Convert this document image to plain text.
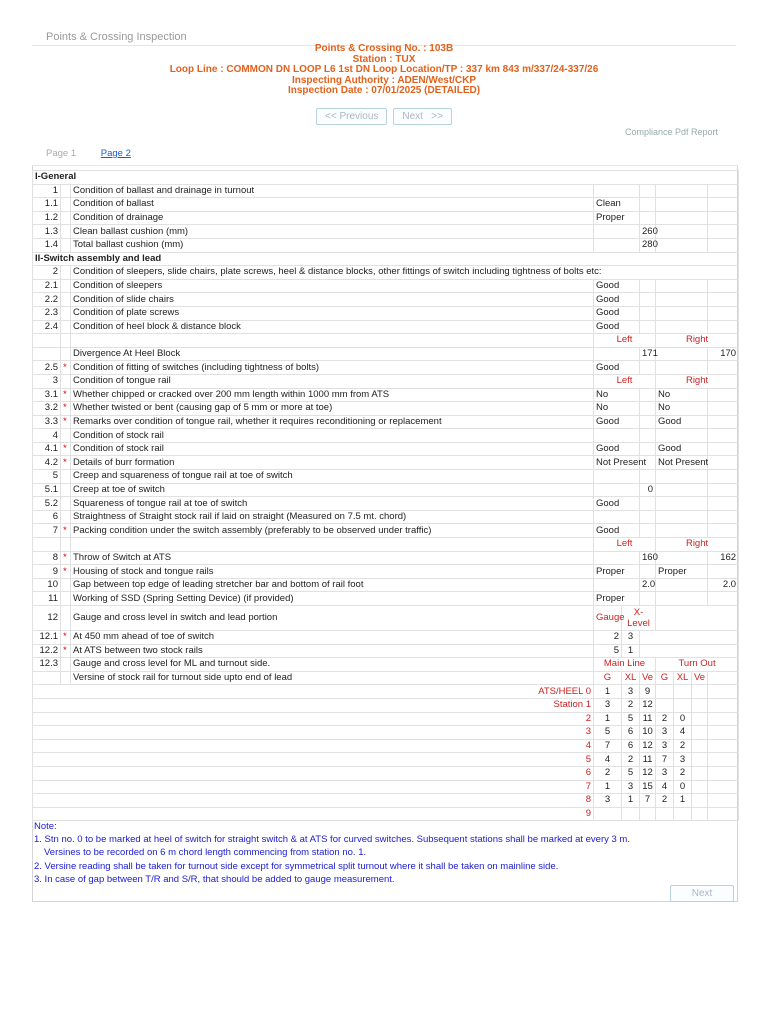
Points & Crossing Inspection
Points & Crossing No. : 103B
Station : TUX
Loop Line : COMMON DN LOOP L6 1st DN Loop Location/TP : 337 km 843 m/337/24-337/26
Inspecting Authority : ADEN/West/CKP
Inspection Date : 07/01/2025 (DETAILED)
<< Previous Next   >>
Compliance Pdf Report
Page 1	Page 2
I-General									
1		Condition of ballast and drainage in turnout							
1.1		Condition of ballast	Clean						
1.2		Condition of drainage	Proper						
1.3		Clean ballast cushion (mm)			260				
1.4		Total ballast cushion (mm)			280				
II-Switch assembly and lead									
2		Condition of sleepers, slide chairs, plate screws, heel & distance blocks, other fittings of switch including tightness of bolts etc:							
2.1		Condition of sleepers	Good						
2.2		Condition of slide chairs	Good						
2.3		Condition of plate screws	Good						
2.4		Condition of heel block & distance block	Good						
			Left			Right			
		Divergence At Heel Block			171				170
2.5	*	Condition of fitting of switches (including tightness of bolts)	Good						
3		Condition of tongue rail	Left			Right			
3.1	*	Whether chipped or cracked over 200 mm length within 1000 mm from ATS	No			No			
3.2	*	Whether twisted or bent (causing gap of 5 mm or more at toe)	No			No			
3.3	*	Remarks over condition of tongue rail, whether it requires reconditioning or replacement	Good			Good			
4		Condition of stock rail							
4.1	*	Condition of stock rail	Good			Good			
4.2	*	Details of burr formation	Not Present			Not Present			
5		Creep and squareness of tongue rail at toe of switch							
5.1		Creep at toe of switch			0				
5.2		Squareness of tongue rail at toe of switch	Good						
6		Straightness of Straight stock rail if laid on straight (Measured on 7.5 mt. chord)							
7	*	Packing condition under the switch assembly (preferably to be observed under traffic)	Good						
			Left			Right			
8	*	Throw of Switch at ATS			160				162
9	*	Housing of stock and tongue rails	Proper			Proper			
10		Gap between top edge of leading stretcher bar and bottom of rail foot			2.0				2.0
11		Working of SSD (Spring Setting Device) (if provided)	Proper						
12		Gauge and cross level in switch and lead portion	Gauge	X-
Level					

12.1	*	At 450 mm ahead of toe of switch	2	3					
12.2	*	At ATS between two stock rails	5	1					
12.3		Gauge and cross level for ML and turnout side.	Main Line			Turn Out			
		Versine of stock rail for turnout side upto end of lead	G	XL	Ve	G	XL	Ve	
ATS/HEEL 0			1	3	9				
Station 1			3	2	12				
2			1	5	11	2	0		
3			5	6	10	3	4		
4			7	6	12	3	2		
5			4	2	11	7	3		
6			2	5	12	3	2		
7			1	3	15	4	0		
8			3	1	7	2	1		
9									
Note:
1. Stn no. 0 to be marked at heel of switch for straight switch & at ATS for curved switches. Subsequent stations shall be marked at every 3 m.
Versines to be recorded on 6 m chord length commencing from station no. 1.
2. Versine reading shall be taken for turnout side except for symmetrical split turnout where it shall be taken on mainline side.
3. In case of gap between T/R and S/R, that should be added to gauge measurement.
Next
